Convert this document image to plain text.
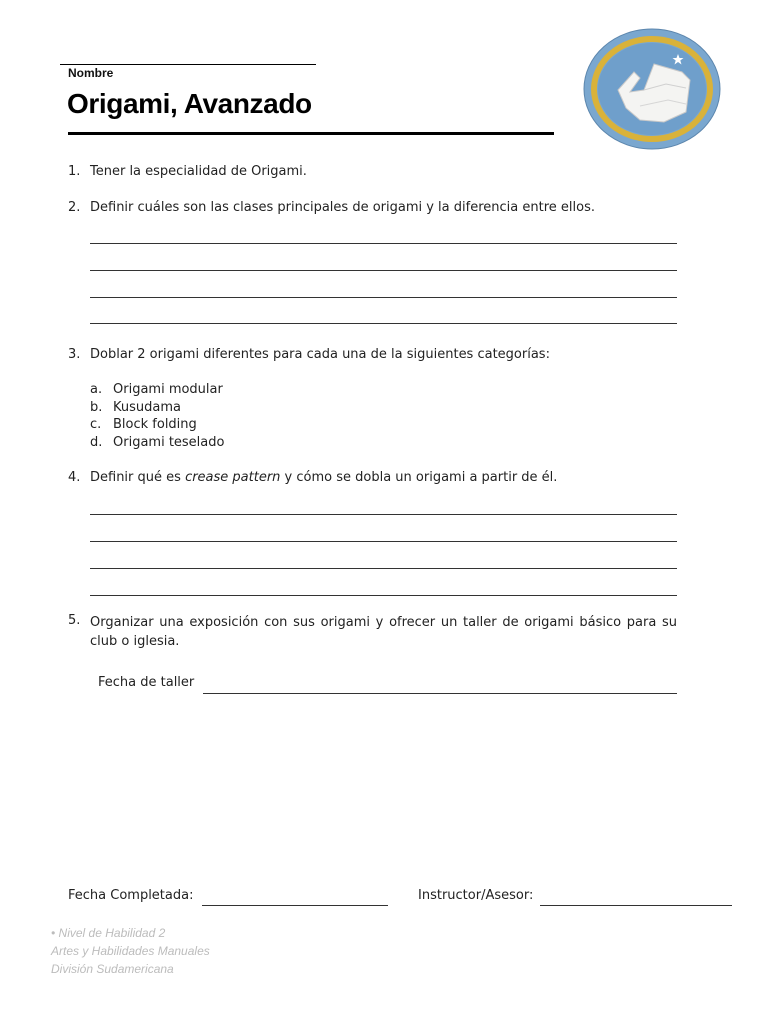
Nombre
Origami, Avanzado
1. Tener la especialidad de Origami.
2. Definir cuáles son las clases principales de origami y la diferencia entre ellos.
3. Doblar 2 origami diferentes para cada una de la siguientes categorías:
a. Origami modular
b. Kusudama
c. Block folding
d. Origami teselado
4. Definir qué es crease pattern y cómo se dobla un origami a partir de él.
5. Organizar una exposición con sus origami y ofrecer un taller de origami básico para su club o iglesia.
Fecha de taller
Fecha Completada:	Instructor/Asesor:
• Nivel de Habilidad 2
Artes y Habilidades Manuales
División Sudamericana
